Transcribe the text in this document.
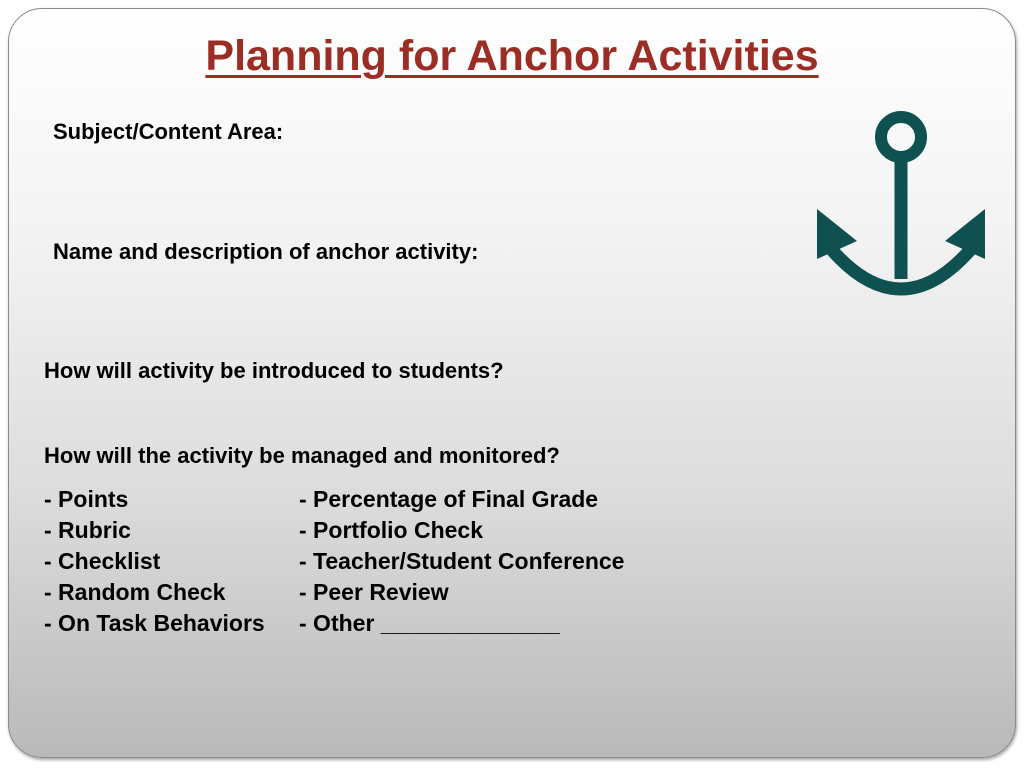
Planning for Anchor Activities

Subject/Content Area:

Name and description of anchor activity:

How will activity be introduced to students?

How will the activity be managed and monitored?

- Points	- Percentage of Final Grade
- Rubric	- Portfolio Check
- Checklist	- Teacher/Student Conference
- Random Check	- Peer Review
- On Task Behaviors	- Other ______________
